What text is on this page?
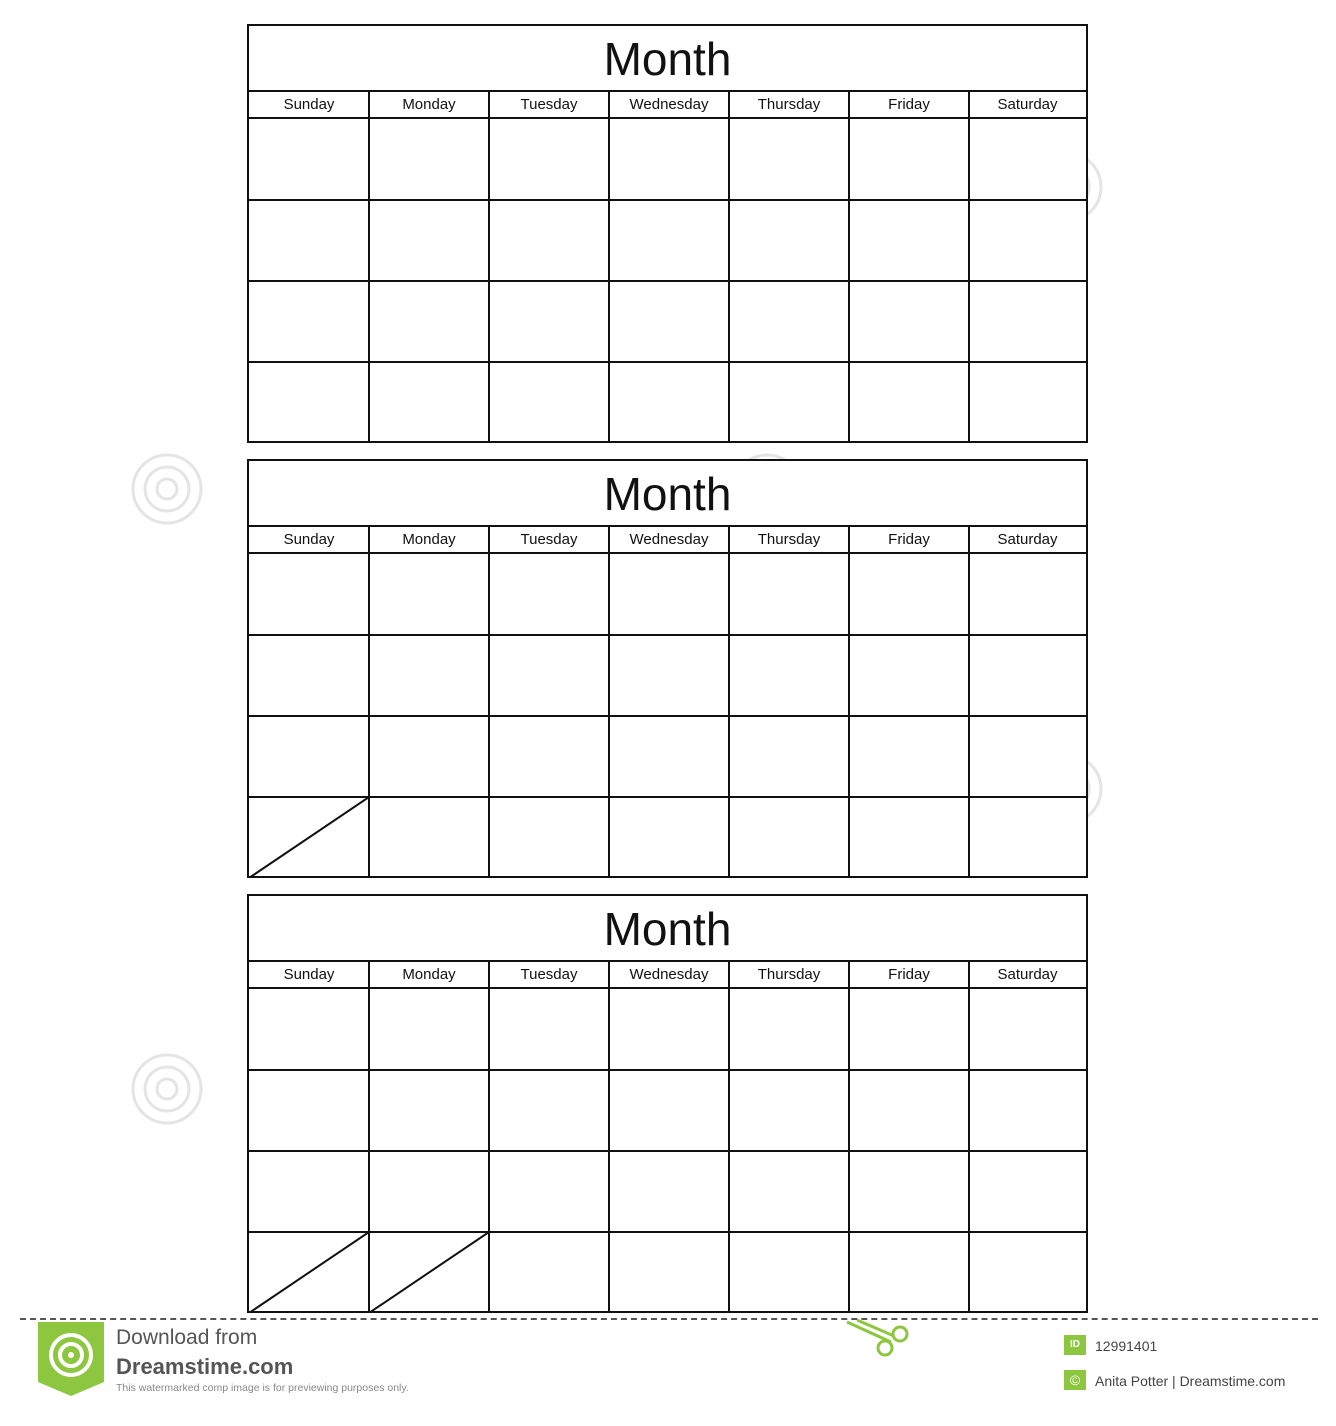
Month
Sunday	Monday	Tuesday	Wednesday	Thursday	Friday	Saturday
Month
Sunday	Monday	Tuesday	Wednesday	Thursday	Friday	Saturday
Month
Sunday	Monday	Tuesday	Wednesday	Thursday	Friday	Saturday
Download from
Dreamstime.com
This watermarked comp image is for previewing purposes only.
ID	12991401
©	Anita Potter | Dreamstime.com
